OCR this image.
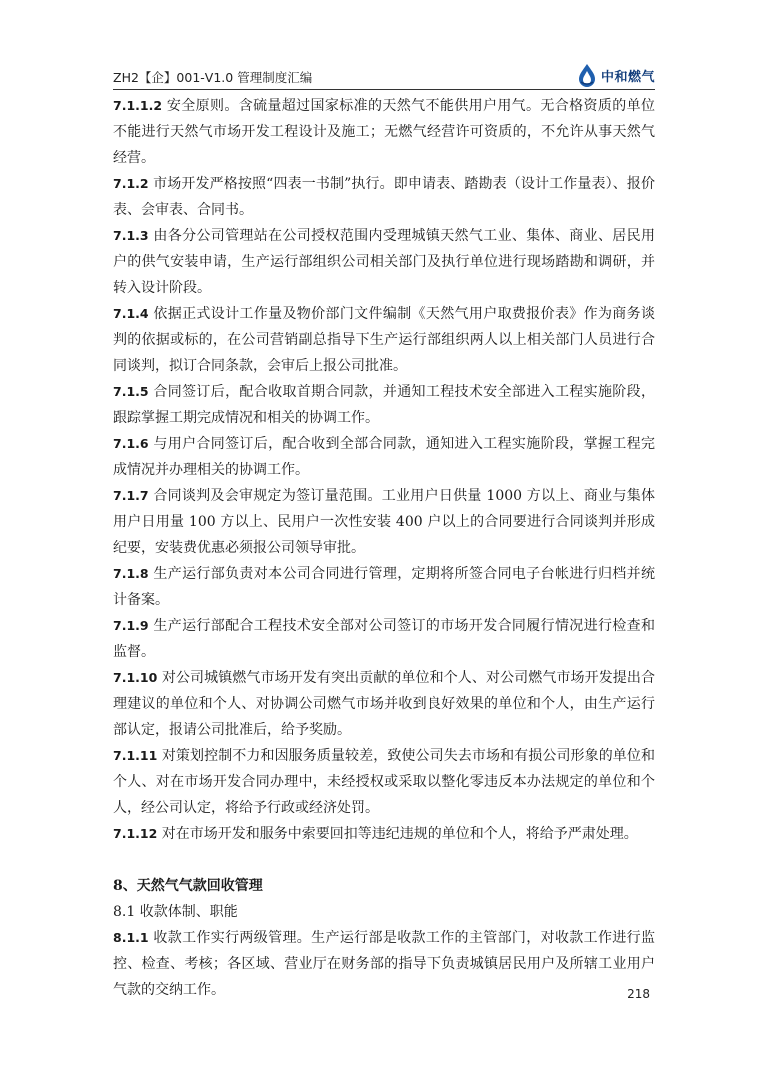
ZH2【企】001-V1.0 管理制度汇编	中和燃气

7.1.1.2 安全原则。含硫量超过国家标准的天然气不能供用户用气。无合格资质的单位不能进行天然气市场开发工程设计及施工；无燃气经营许可资质的，不允许从事天然气经营。

7.1.2 市场开发严格按照“四表一书制”执行。即申请表、踏勘表（设计工作量表）、报价表、会审表、合同书。

7.1.3 由各分公司管理站在公司授权范围内受理城镇天然气工业、集体、商业、居民用户的供气安装申请，生产运行部组织公司相关部门及执行单位进行现场踏勘和调研，并转入设计阶段。

7.1.4 依据正式设计工作量及物价部门文件编制《天然气用户取费报价表》作为商务谈判的依据或标的，在公司营销副总指导下生产运行部组织两人以上相关部门人员进行合同谈判，拟订合同条款，会审后上报公司批准。

7.1.5 合同签订后，配合收取首期合同款，并通知工程技术安全部进入工程实施阶段，跟踪掌握工期完成情况和相关的协调工作。

7.1.6 与用户合同签订后，配合收到全部合同款，通知进入工程实施阶段，掌握工程完成情况并办理相关的协调工作。

7.1.7 合同谈判及会审规定为签订量范围。工业用户日供量 1000 方以上、商业与集体用户日用量 100 方以上、民用户一次性安装 400 户以上的合同要进行合同谈判并形成纪要，安装费优惠必须报公司领导审批。

7.1.8 生产运行部负责对本公司合同进行管理，定期将所签合同电子台帐进行归档并统计备案。

7.1.9 生产运行部配合工程技术安全部对公司签订的市场开发合同履行情况进行检查和监督。

7.1.10 对公司城镇燃气市场开发有突出贡献的单位和个人、对公司燃气市场开发提出合理建议的单位和个人、对协调公司燃气市场并收到良好效果的单位和个人，由生产运行部认定，报请公司批准后，给予奖励。

7.1.11 对策划控制不力和因服务质量较差，致使公司失去市场和有损公司形象的单位和个人、对在市场开发合同办理中，未经授权或采取以整化零违反本办法规定的单位和个人，经公司认定，将给予行政或经济处罚。

7.1.12 对在市场开发和服务中索要回扣等违纪违规的单位和个人，将给予严肃处理。

8、天然气气款回收管理

8.1 收款体制、职能

8.1.1 收款工作实行两级管理。生产运行部是收款工作的主管部门，对收款工作进行监控、检查、考核；各区域、营业厅在财务部的指导下负责城镇居民用户及所辖工业用户气款的交纳工作。	218
